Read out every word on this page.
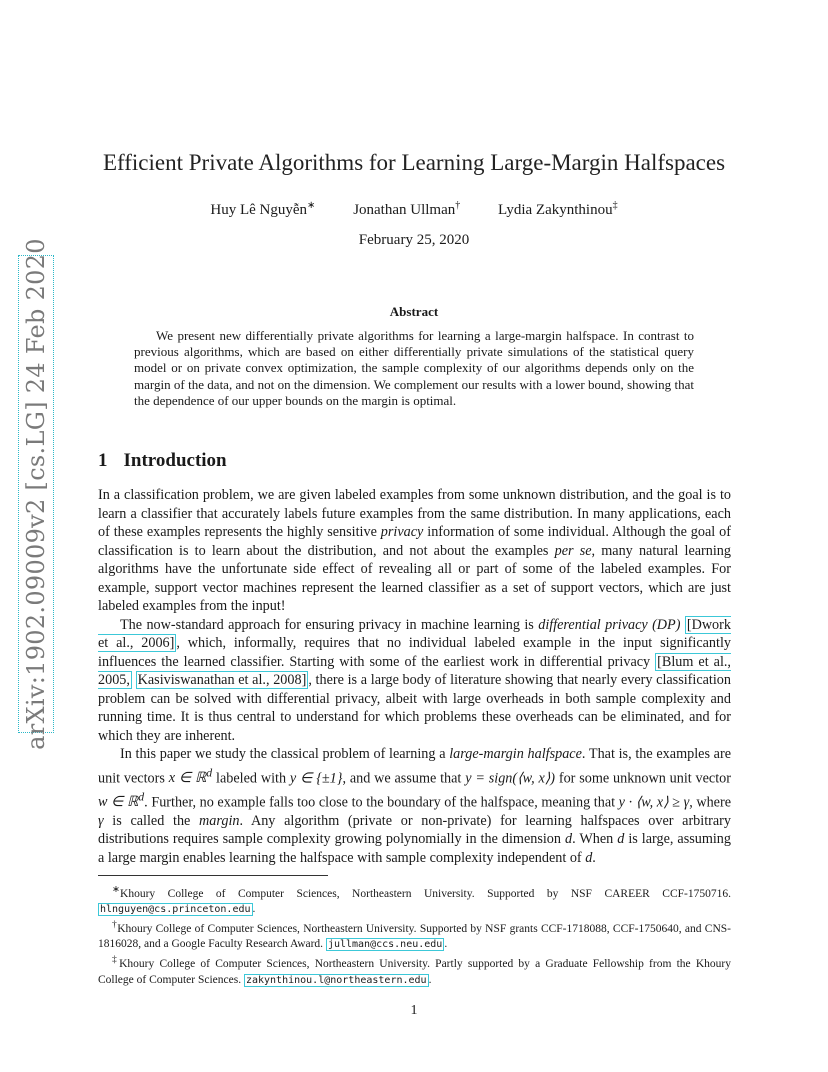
arXiv:1902.09009v2 [cs.LG] 24 Feb 2020
Efficient Private Algorithms for Learning Large-Margin Halfspaces
Huy Lê Nguyễn∗	Jonathan Ullman†	Lydia Zakynthinou‡
February 25, 2020
Abstract
We present new differentially private algorithms for learning a large-margin halfspace. In contrast to previous algorithms, which are based on either differentially private simulations of the statistical query model or on private convex optimization, the sample complexity of our algorithms depends only on the margin of the data, and not on the dimension. We complement our results with a lower bound, showing that the dependence of our upper bounds on the margin is optimal.
1 Introduction

In a classification problem, we are given labeled examples from some unknown distribution, and the goal is to learn a classifier that accurately labels future examples from the same distribution. In many applications, each of these examples represents the highly sensitive privacy information of some individual. Although the goal of classification is to learn about the distribution, and not about the examples per se, many natural learning algorithms have the unfortunate side effect of revealing all or part of some of the labeled examples. For example, support vector machines represent the learned classifier as a set of support vectors, which are just labeled examples from the input!

The now-standard approach for ensuring privacy in machine learning is differential privacy (DP) [Dwork et al., 2006] , which, informally, requires that no individual labeled example in the input significantly influences the learned classifier. Starting with some of the earliest work in differential privacy [Blum et al., 2005, Kasiviswanathan et al., 2008] , there is a large body of literature showing that nearly every classification problem can be solved with differential privacy, albeit with large overheads in both sample complexity and running time. It is thus central to understand for which problems these overheads can be eliminated, and for which they are inherent.

In this paper we study the classical problem of learning a large-margin halfspace. That is, the examples are unit vectors x ∈ ℝ$^d$ labeled with y ∈ {±1}, and we assume that y = sign(⟨w, x⟩) for some unknown unit vector w ∈ ℝ$^d$. Further, no example falls too close to the boundary of the halfspace, meaning that y · ⟨w, x⟩ ≥ γ, where γ is called the margin. Any algorithm (private or non-private) for learning halfspaces over arbitrary distributions requires sample complexity growing polynomially in the dimension d. When d is large, assuming a large margin enables learning the halfspace with sample complexity independent of d.

∗Khoury College of Computer Sciences, Northeastern University. Supported by NSF CAREER CCF-1750716. hlnguyen@cs.princeton.edu .

†Khoury College of Computer Sciences, Northeastern University. Supported by NSF grants CCF-1718088, CCF-1750640, and CNS-1816028, and a Google Faculty Research Award. jullman@ccs.neu.edu .

‡Khoury College of Computer Sciences, Northeastern University. Partly supported by a Graduate Fellowship from the Khoury College of Computer Sciences. zakynthinou.l@northeastern.edu .

1
